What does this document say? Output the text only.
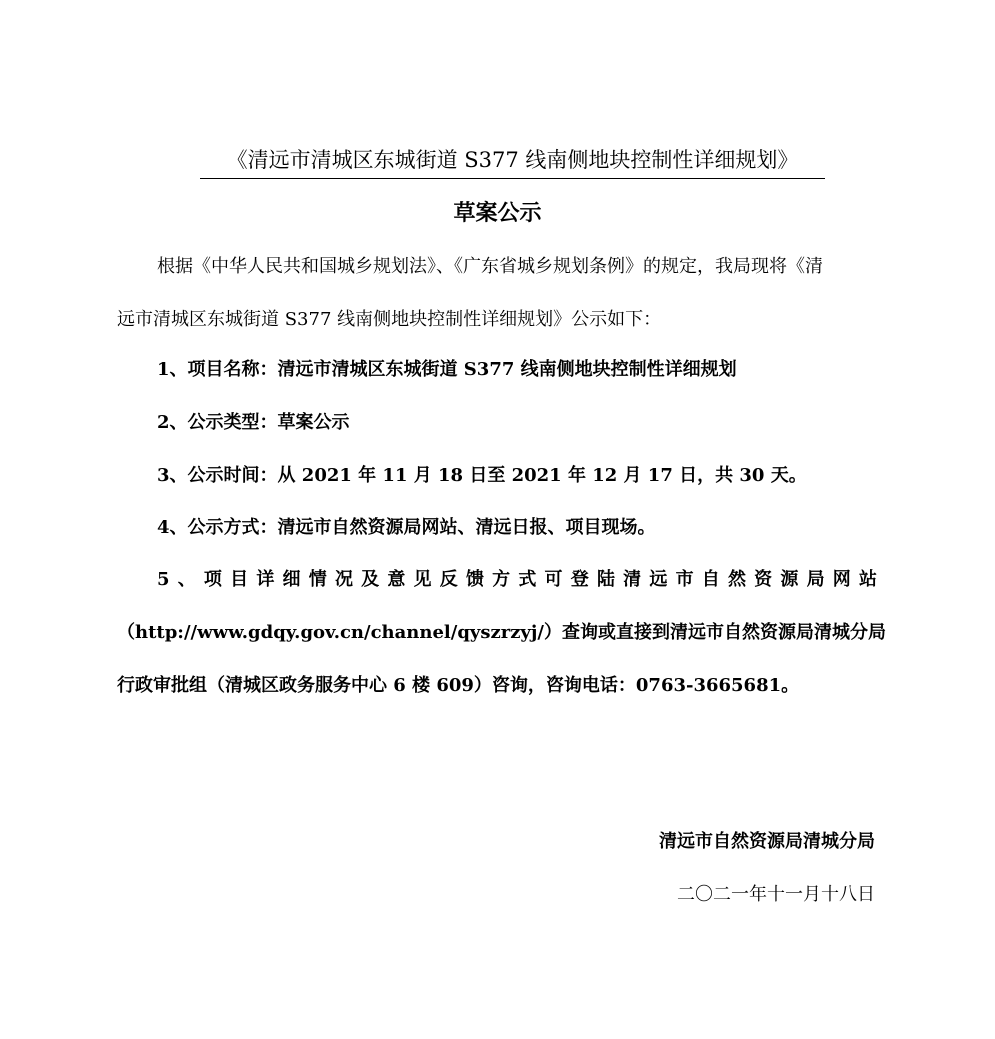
《清远市清城区东城街道 S377 线南侧地块控制性详细规划》
草案公示
根据《中华人民共和国城乡规划法》、《广东省城乡规划条例》的规定，我局现将《清
远市清城区东城街道 S377 线南侧地块控制性详细规划》公示如下：
1、项目名称：清远市清城区东城街道 S377 线南侧地块控制性详细规划
2、公示类型：草案公示
3、公示时间：从 2021 年 11 月 18 日至 2021 年 12 月 17 日，共 30 天。
4、公示方式：清远市自然资源局网站、清远日报、项目现场。
5、项目详细情况及意见反馈方式可登陆清远市自然资源局网站
（http://www.gdqy.gov.cn/channel/qyszrzyj/）查询或直接到清远市自然资源局清城分局
行政审批组（清城区政务服务中心 6 楼 609）咨询，咨询电话：0763-3665681。
清远市自然资源局清城分局
二〇二一年十一月十八日
